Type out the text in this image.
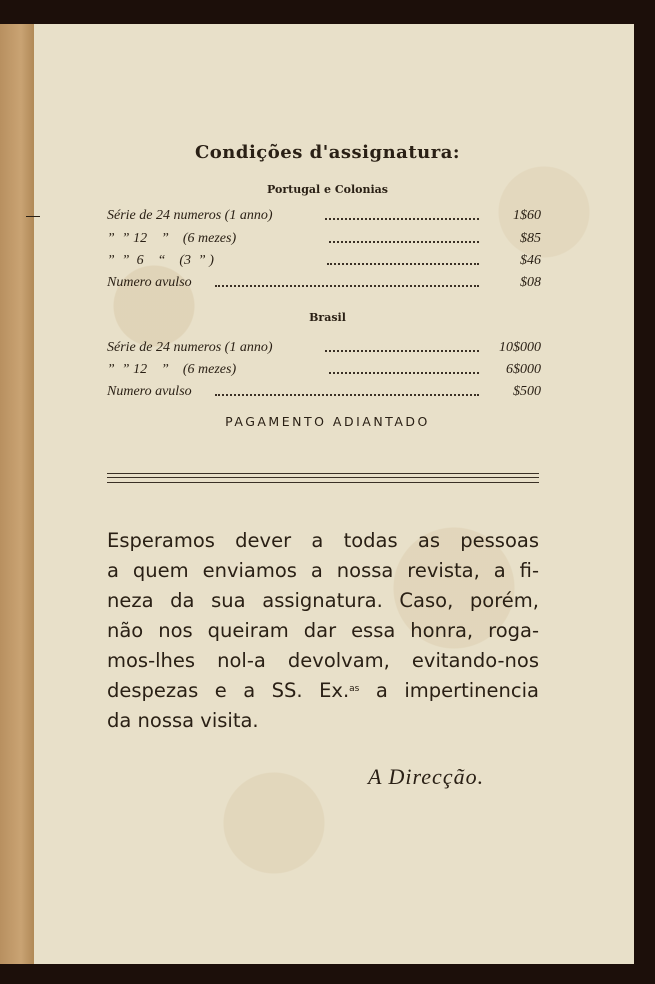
Condições d'assignatura:
Portugal e Colonias
Série de 24 numeros (1 anno)	1$60
”  ” 12    ”    (6 mezes)	$85
”  ”  6    “    (3  ” )	$46
Numero avulso	$08
Brasil
Série de 24 numeros (1 anno)	10$000
”  ” 12    ”    (6 mezes)	6$000
Numero avulso	$500
PAGAMENTO ADIANTADO
Esperamos dever a todas as pessoas
a quem enviamos a nossa revista, a fi-
neza da sua assignatura. Caso, porém,
não nos queiram dar essa honra, roga-
mos-lhes nol-a devolvam, evitando-nos
despezas e a SS. Ex.$^{as}$ a impertinencia
da nossa visita.
A Direcção.
